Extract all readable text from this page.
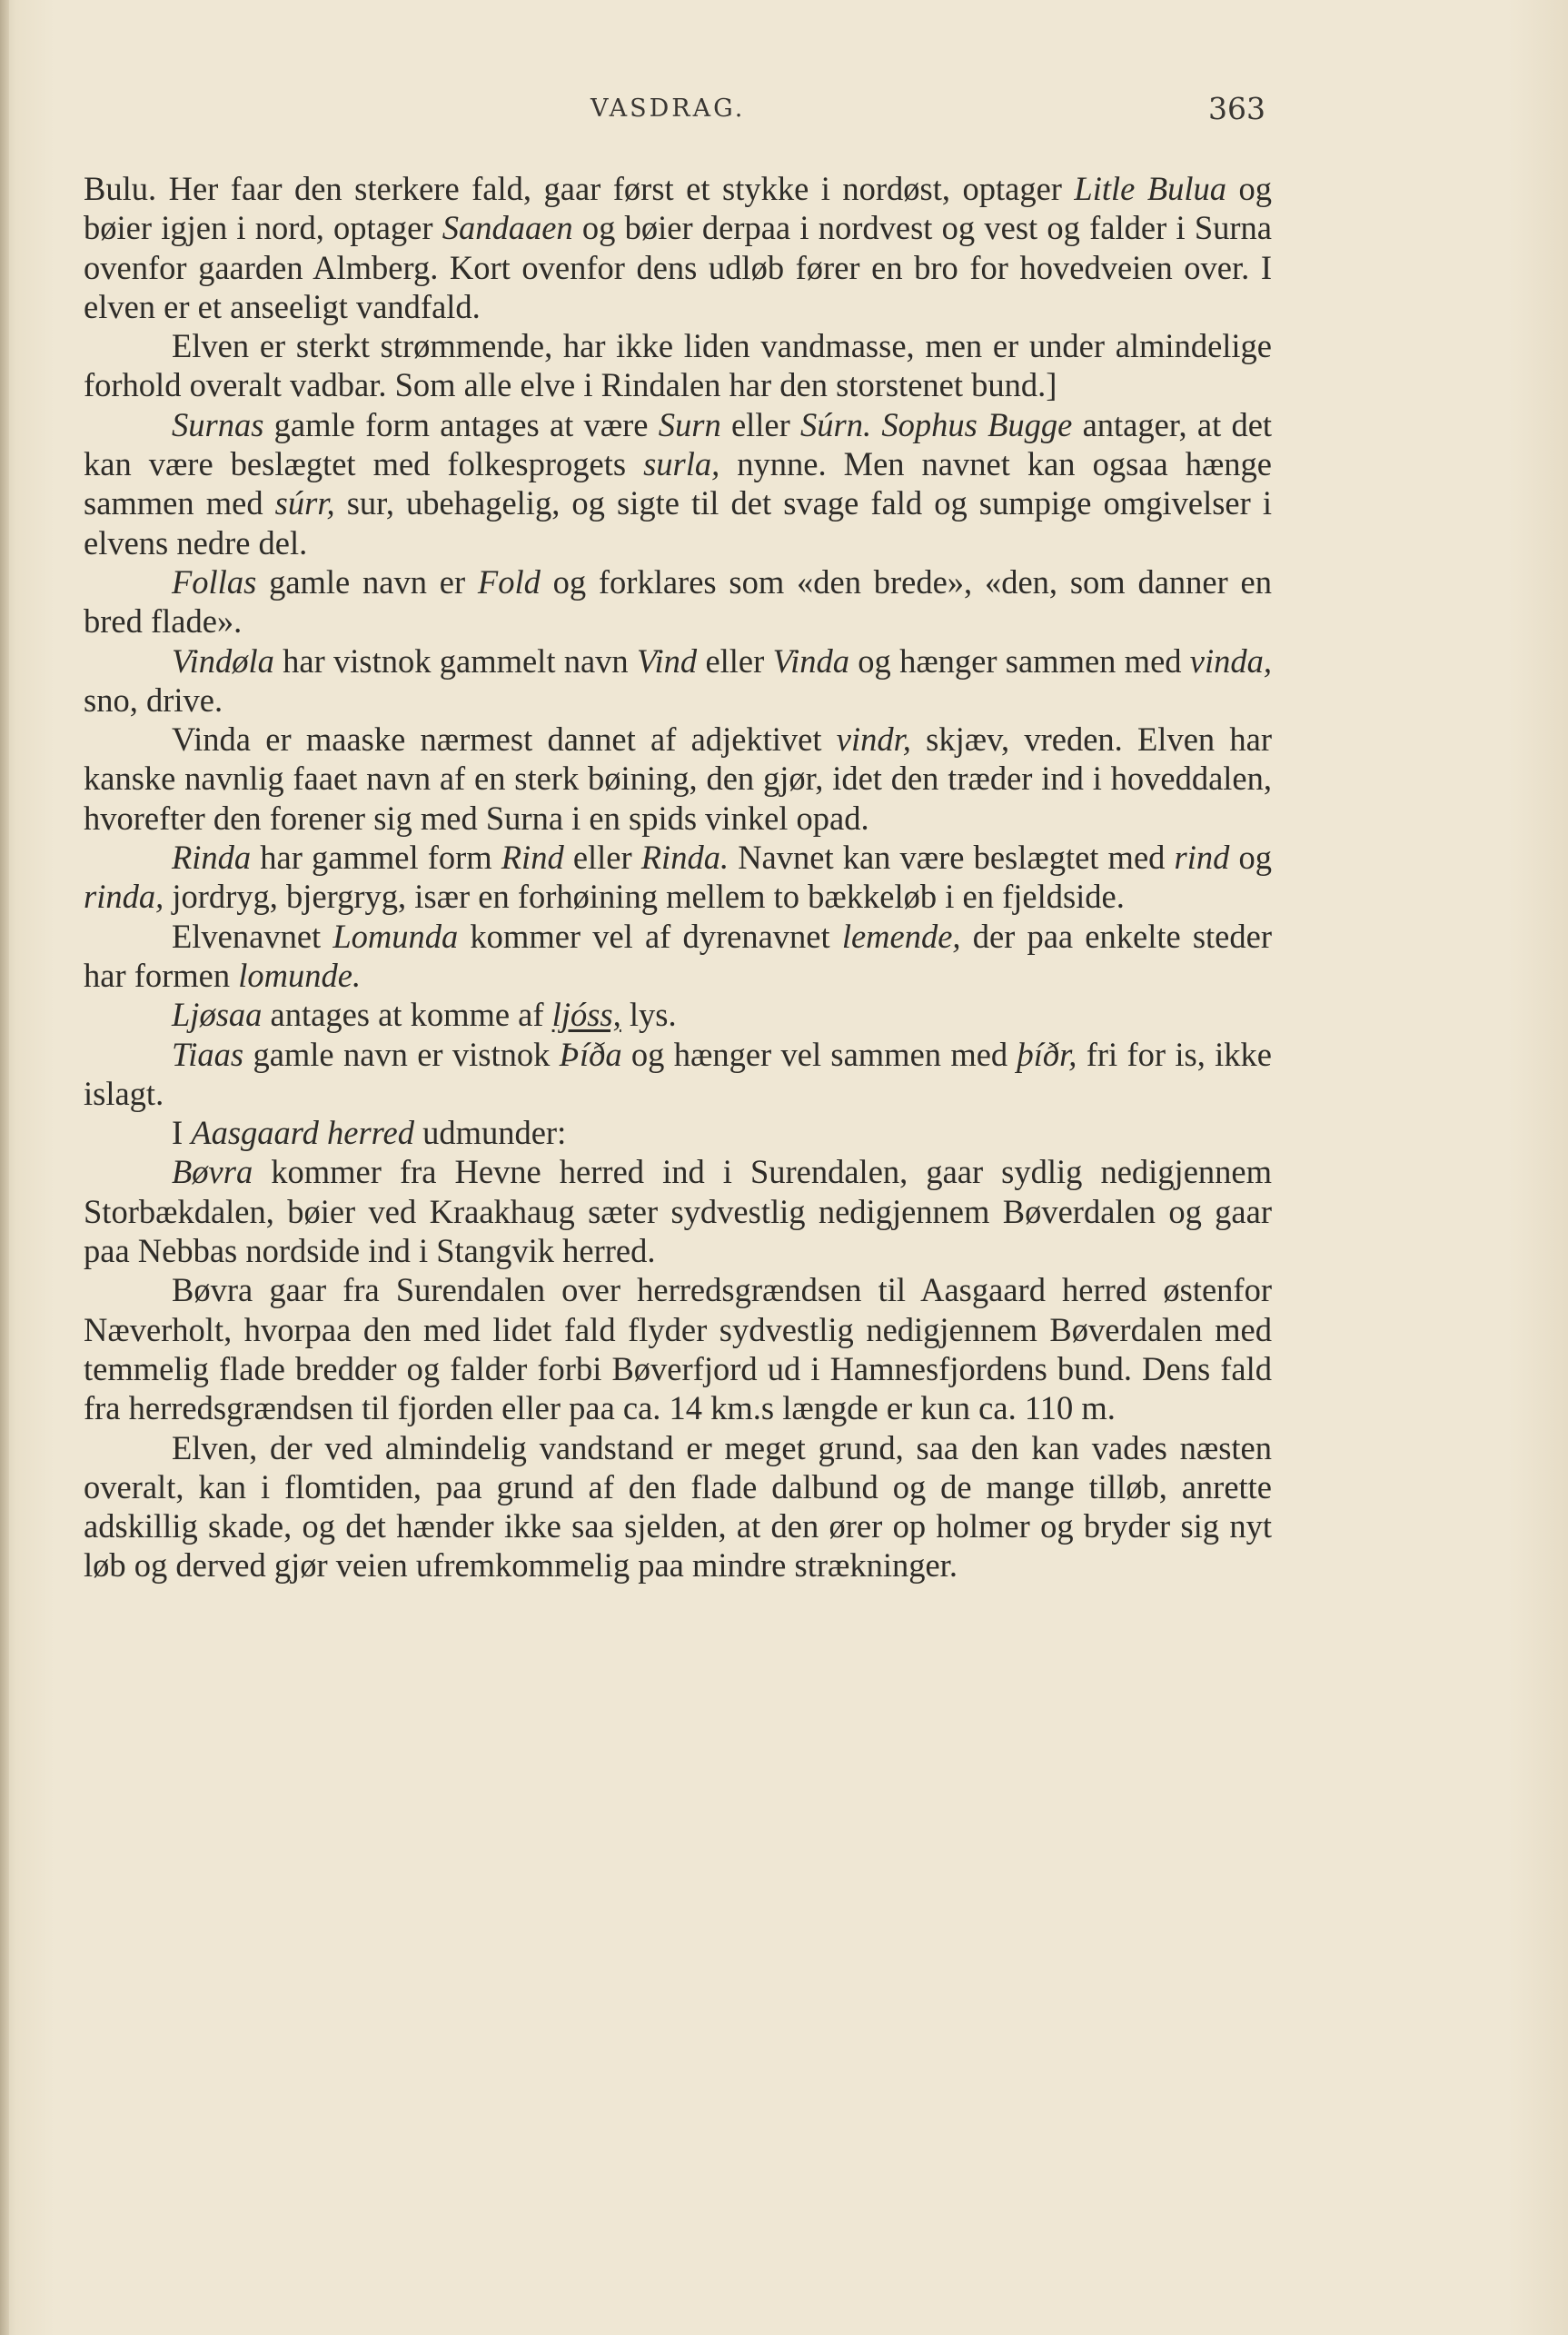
VASDRAG.	363

Bulu. Her faar den sterkere fald, gaar først et stykke i nordøst, optager Litle Bulua og bøier igjen i nord, optager Sandaaen og bøier derpaa i nordvest og vest og falder i Surna ovenfor gaarden Almberg. Kort ovenfor dens udløb fører en bro for hovedveien over. I elven er et anseeligt vandfald.

Elven er sterkt strømmende, har ikke liden vandmasse, men er under almindelige forhold overalt vadbar. Som alle elve i Rindalen har den storstenet bund.]

Surnas gamle form antages at være Surn eller Súrn. Sophus Bugge antager, at det kan være beslægtet med folkesprogets surla, nynne. Men navnet kan ogsaa hænge sammen med súrr, sur, ubehagelig, og sigte til det svage fald og sumpige omgivelser i elvens nedre del.

Follas gamle navn er Fold og forklares som «den brede», «den, som danner en bred flade».

Vindøla har vistnok gammelt navn Vind eller Vinda og hænger sammen med vinda, sno, drive.

Vinda er maaske nærmest dannet af adjektivet vindr, skjæv, vreden. Elven har kanske navnlig faaet navn af en sterk bøining, den gjør, idet den træder ind i hoveddalen, hvorefter den forener sig med Surna i en spids vinkel opad.

Rinda har gammel form Rind eller Rinda. Navnet kan være beslægtet med rind og rinda, jordryg, bjergryg, især en forhøining mellem to bækkeløb i en fjeldside.

Elvenavnet Lomunda kommer vel af dyrenavnet lemende, der paa enkelte steder har formen lomunde.

Ljøsaa antages at komme af ljóss, lys.

Tiaas gamle navn er vistnok Þíða og hænger vel sammen med þíðr, fri for is, ikke islagt.

I Aasgaard herred udmunder:

Bøvra kommer fra Hevne herred ind i Surendalen, gaar sydlig nedigjennem Storbækdalen, bøier ved Kraakhaug sæter sydvestlig nedigjennem Bøverdalen og gaar paa Nebbas nordside ind i Stangvik herred.

Bøvra gaar fra Surendalen over herredsgrændsen til Aasgaard herred østenfor Næverholt, hvorpaa den med lidet fald flyder sydvestlig nedigjennem Bøverdalen med temmelig flade bredder og falder forbi Bøverfjord ud i Hamnesfjordens bund. Dens fald fra herredsgrændsen til fjorden eller paa ca. 14 km.s længde er kun ca. 110 m.

Elven, der ved almindelig vandstand er meget grund, saa den kan vades næsten overalt, kan i flomtiden, paa grund af den flade dalbund og de mange tilløb, anrette adskillig skade, og det hænder ikke saa sjelden, at den ører op holmer og bryder sig nyt løb og derved gjør veien ufremkommelig paa mindre strækninger.
